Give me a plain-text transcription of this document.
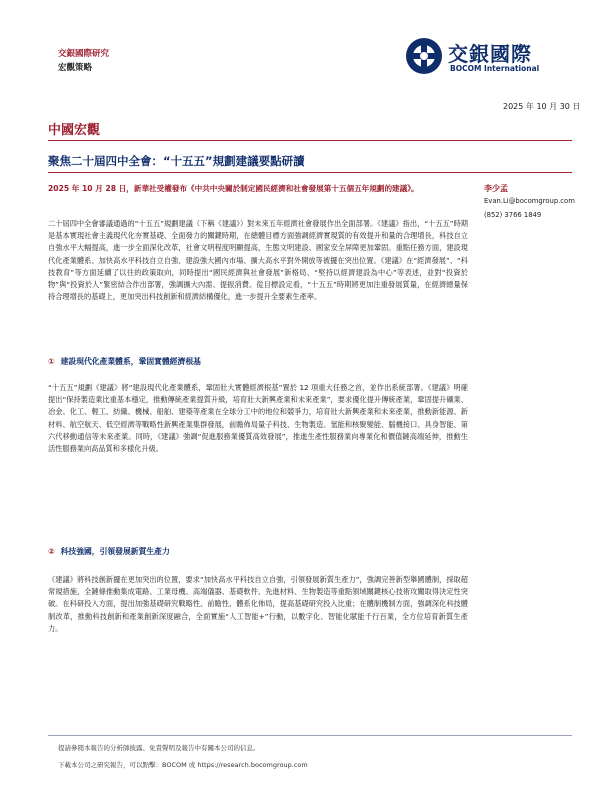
交銀國際研究
宏觀策略
交銀國際
BOCOM International
2025 年 10 月 30 日
中國宏觀
聚焦二十屆四中全會：“十五五”規劃建議要點研讀
2025 年 10 月 28 日，新華社受權發布《中共中央關於制定國民經濟和社會發展第十五個五年規劃的建議》。	李少孟
Evan.Li@bocomgroup.com
(852) 3766 1849
二十屆四中全會審議通過的“十五五”規劃建議（下稱《建議》）對未來五年經濟社會發展作出全面部署。《建議》指出，“十五五”時期是基本實現社會主義現代化夯實基礎、全面發力的關鍵時期，在總體目標方面強調經濟實現質的有效提升和量的合理增長，科技自立自強水平大幅提高，進一步全面深化改革，社會文明程度明顯提高，生態文明建設、國家安全屏障更加鞏固。重點任務方面，建設現代化產業體系、加快高水平科技自立自強、建設強大國內市場、擴大高水平對外開放等被擺在突出位置。《建議》在“經濟發展”、“科技教育”等方面延續了以往的政策取向，同時提出“國民經濟與社會發展”新格局、“堅持以經濟建設為中心”等表述，並對“投資於物”與“投資於人”緊密結合作出部署，強調擴大內需、提振消費。從目標設定看，“十五五”時期將更加注重發展質量，在經濟總量保持合理增長的基礎上，更加突出科技創新和經濟結構優化，進一步提升全要素生產率。
① 建設現代化產業體系，鞏固實體經濟根基
“十五五”規劃《建議》將“建設現代化產業體系，鞏固壯大實體經濟根基”置於 12 項重大任務之首，並作出系統部署。《建議》明確提出“保持製造業比重基本穩定，推動傳統產業提質升級，培育壯大新興產業和未來產業”，要求優化提升傳統產業，鞏固提升礦業、冶金、化工、輕工、紡織、機械、船舶、建築等產業在全球分工中的地位和競爭力，培育壯大新興產業和未來產業，推動新能源、新材料、航空航天、低空經濟等戰略性新興產業集群發展，前瞻佈局量子科技、生物製造、氫能和核聚變能、腦機接口、具身智能、第六代移動通信等未來產業。同時，《建議》強調“促進服務業優質高效發展”，推進生產性服務業向專業化和價值鏈高端延伸，推動生活性服務業向高品質和多樣化升級。
② 科技強國，引領發展新質生產力
《建議》將科技創新擺在更加突出的位置，要求“加快高水平科技自立自強，引領發展新質生產力”，強調完善新型舉國體制，採取超常規措施，全鏈條推動集成電路、工業母機、高端儀器、基礎軟件、先進材料、生物製造等重點領域關鍵核心技術攻關取得決定性突破。在科研投入方面，提出加強基礎研究戰略性、前瞻性、體系化佈局，提高基礎研究投入比重；在體制機制方面，強調深化科技體制改革，推動科技創新和產業創新深度融合，全面實施“人工智能+”行動，以數字化、智能化賦能千行百業，全方位培育新質生產力。
提請參閱本報告的分析師披露、免責聲明及報告中有關本公司的信息。
下載本公司之研究報告，可以點擊：BOCOM 或 https://research.bocomgroup.com
